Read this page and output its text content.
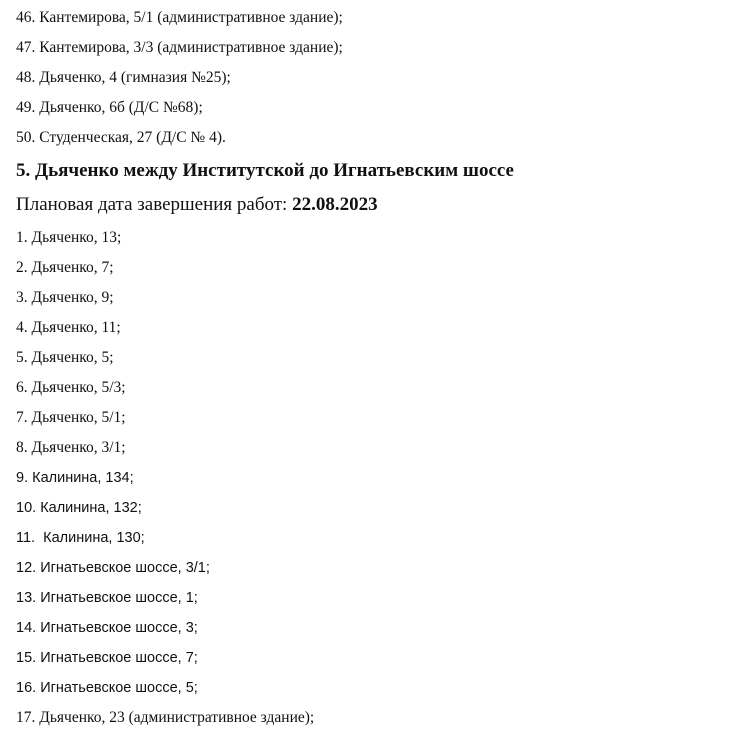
46. Кантемирова, 5/1 (административное здание);
47. Кантемирова, 3/3 (административное здание);
48. Дьяченко, 4 (гимназия №25);
49. Дьяченко, 6б (Д/С №68);
50. Студенческая, 27 (Д/С № 4).
5. Дьяченко между Институтской до Игнатьевским шоссе
Плановая дата завершения работ: 22.08.2023
1. Дьяченко, 13;
2. Дьяченко, 7;
3. Дьяченко, 9;
4. Дьяченко, 11;
5. Дьяченко, 5;
6. Дьяченко, 5/3;
7. Дьяченко, 5/1;
8. Дьяченко, 3/1;
9. Калинина, 134;
10. Калинина, 132;
11.  Калинина, 130;
12. Игнатьевское шоссе, 3/1;
13. Игнатьевское шоссе, 1;
14. Игнатьевское шоссе, 3;
15. Игнатьевское шоссе, 7;
16. Игнатьевское шоссе, 5;
17. Дьяченко, 23 (административное здание);
